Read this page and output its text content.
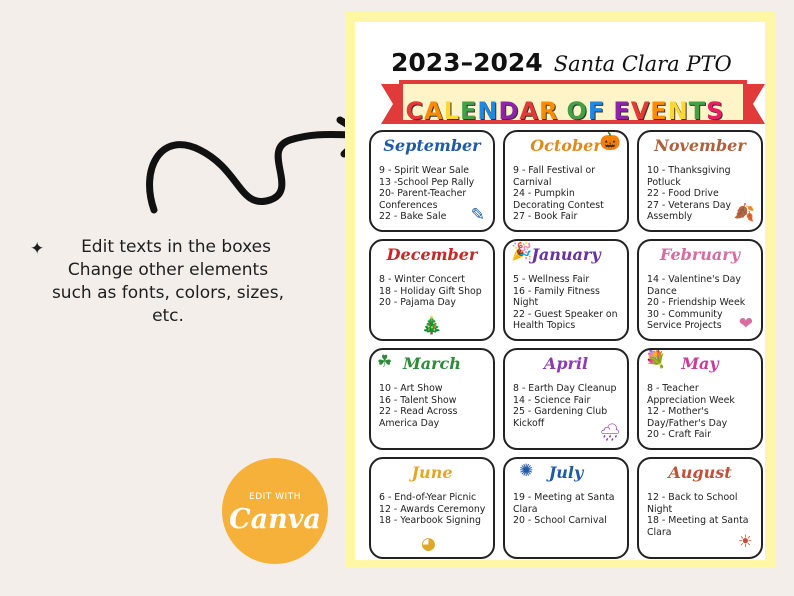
✦	Edit texts in the boxes
Change other elements
such as fonts, colors, sizes,
etc.
EDIT WITH
Canva
2023–2024 Santa Clara PTO
CALENDAR OF EVENTS
September
9 - Spirit Wear Sale
13 -School Pep Rally
20- Parent-Teacher Conferences
22 - Bake Sale	✎
October
9 - Fall Festival or Carnival
24 - Pumpkin Decorating Contest
27 - Book Fair
🎃	November
10 - Thanksgiving Potluck
22 - Food Drive
27 - Veterans Day Assembly	🍂
December
8 - Winter Concert
18 - Holiday Gift Shop
20 - Pajama Day
🎄
January
5 - Wellness Fair
16 - Family Fitness Night
22 - Guest Speaker on Health Topics
🎉	February
14 - Valentine's Day Dance
20 - Friendship Week
30 - Community Service Projects	❤
March
10 - Art Show
16 - Talent Show
22 - Read Across America Day
☘	April
8 - Earth Day Cleanup
14 - Science Fair
25 - Gardening Club Kickoff	🌧
May
8 - Teacher Appreciation Week
12 - Mother's Day/Father's Day
20 - Craft Fair
💐
June
6 - End-of-Year Picnic
12 - Awards Ceremony
18 - Yearbook Signing
◕
July
19 - Meeting at Santa Clara
20 - School Carnival
✺	August
12 - Back to School Night
18 - Meeting at Santa Clara	☀
